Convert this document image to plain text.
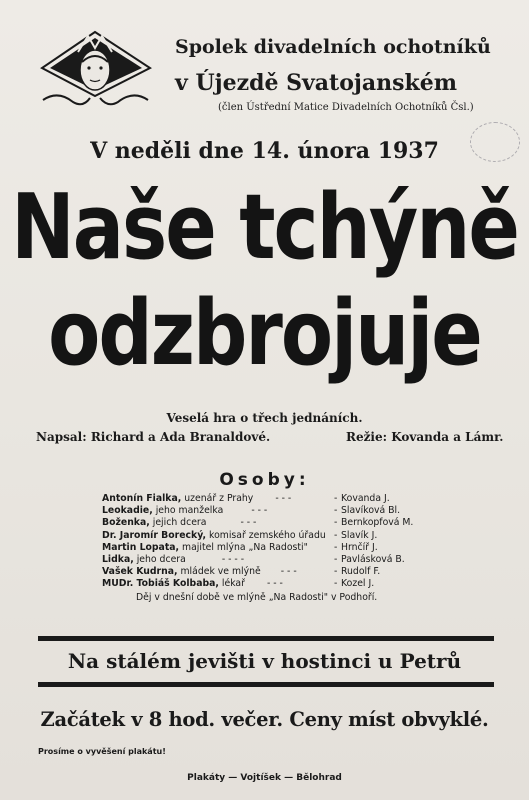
Spolek divadelních ochotníků
v Újezdě Svatojanském
(člen Ústřední Matice Divadelních Ochotníků Čsl.)
V neděli dne 14. února 1937
Naše tchýně
odzbrojuje
Veselá hra o třech jednáních.
Napsal: Richard a Ada Branaldové.	Režie: Kovanda a Lámr.
Osoby:
Antonín Fialka, uzenář z Prahy - - -	- Kovanda J.
Leokadie, jeho manželka	- - -	- Slavíková Bl.
Boženka, jejich dcera	- - -	- Bernkopfová M.
Dr. Jaromír Borecký, komisař zemského úřadu - Slavík J.
Martin Lopata, majitel mlýna „Na Radosti"	- Hrnčíř J.
Lidka, jeho dcera	- - - -	- Pavlásková B.
Vašek Kudrna, mládek ve mlýně - - -	- Rudolf F.
MUDr. Tobiáš Kolbaba, lékař - - -	- Kozel J.
Děj v dnešní době ve mlýně „Na Radosti" v Podhoří.
Na stálém jevišti v hostinci u Petrů
Začátek v 8 hod. večer. Ceny míst obvyklé.
Prosíme o vyvěšení plakátu!
Plakáty — Vojtíšek — Bělohrad
